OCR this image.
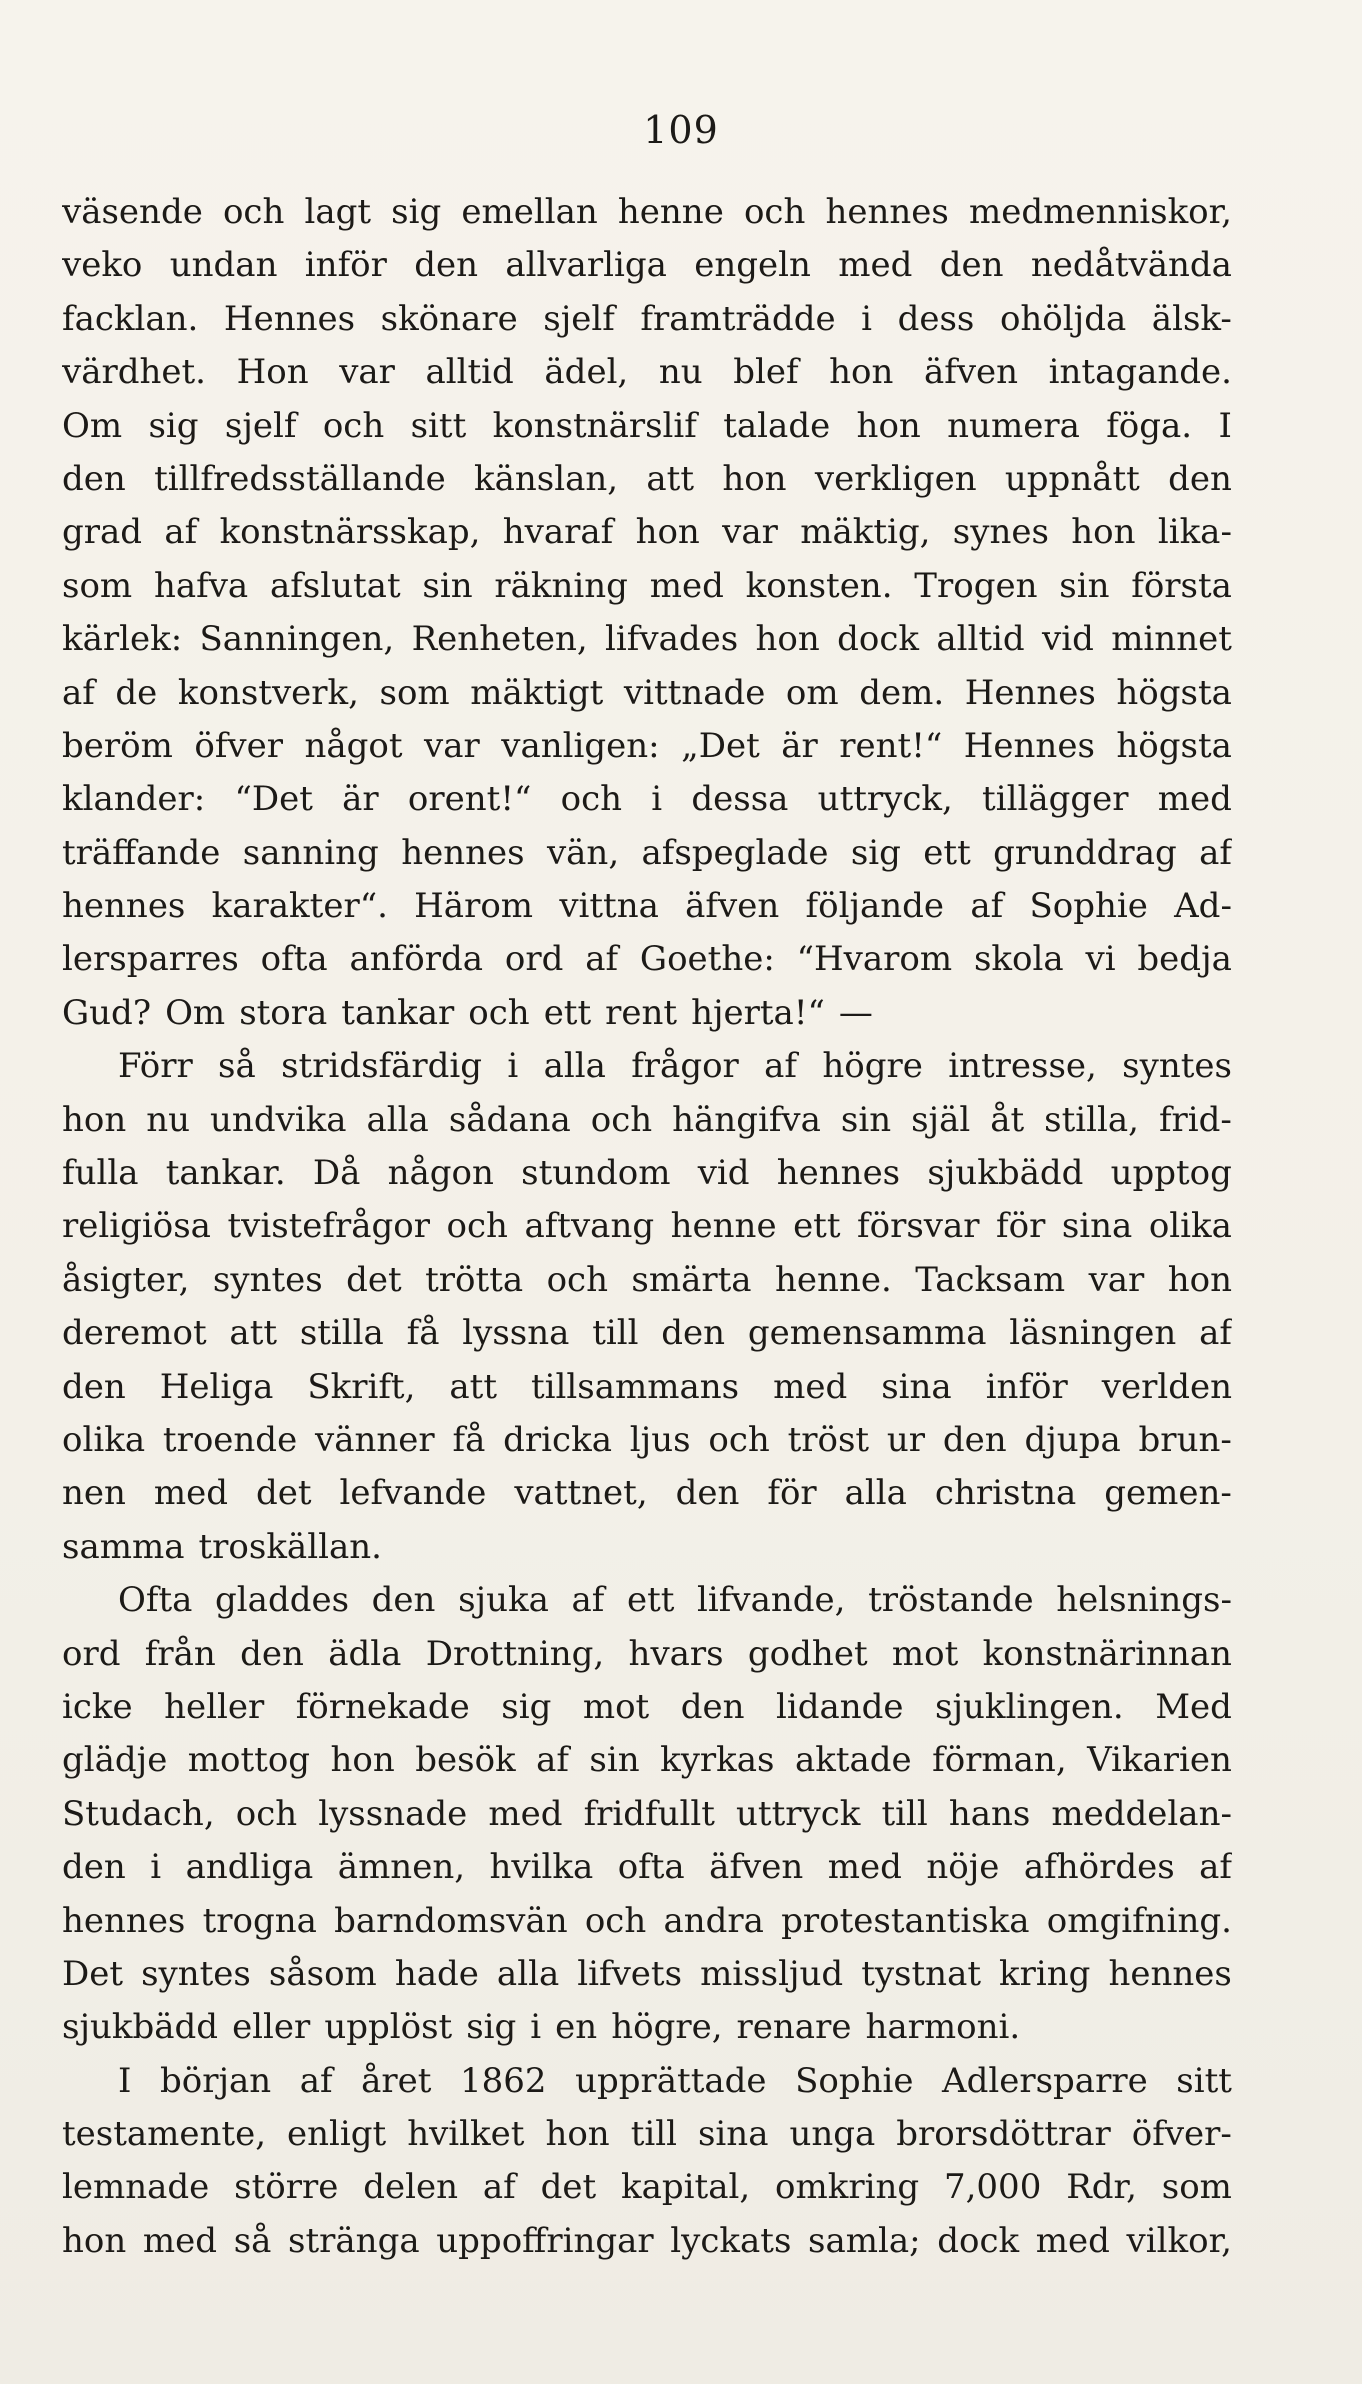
109
väsende och lagt sig emellan henne och hennes medmenniskor,
veko undan inför den allvarliga engeln med den nedåtvända
facklan. Hennes skönare sjelf framträdde i dess ohöljda älsk-
värdhet. Hon var alltid ädel, nu blef hon äfven intagande.
Om sig sjelf och sitt konstnärslif talade hon numera föga. I
den tillfredsställande känslan, att hon verkligen uppnått den
grad af konstnärsskap, hvaraf hon var mäktig, synes hon lika-
som hafva afslutat sin räkning med konsten. Trogen sin första
kärlek: Sanningen, Renheten, lifvades hon dock alltid vid minnet
af de konstverk, som mäktigt vittnade om dem. Hennes högsta
beröm öfver något var vanligen: „Det är rent!“ Hennes högsta
klander: “Det är orent!“ och i dessa uttryck, tillägger med
träffande sanning hennes vän, afspeglade sig ett grunddrag af
hennes karakter“. Härom vittna äfven följande af Sophie Ad-
lersparres ofta anförda ord af Goethe: “Hvarom skola vi bedja
Gud? Om stora tankar och ett rent hjerta!“ —
Förr så stridsfärdig i alla frågor af högre intresse, syntes
hon nu undvika alla sådana och hängifva sin själ åt stilla, frid-
fulla tankar. Då någon stundom vid hennes sjukbädd upptog
religiösa tvistefrågor och aftvang henne ett försvar för sina olika
åsigter, syntes det trötta och smärta henne. Tacksam var hon
deremot att stilla få lyssna till den gemensamma läsningen af
den Heliga Skrift, att tillsammans med sina inför verlden
olika troende vänner få dricka ljus och tröst ur den djupa brun-
nen med det lefvande vattnet, den för alla christna gemen-
samma troskällan.
Ofta gladdes den sjuka af ett lifvande, tröstande helsnings-
ord från den ädla Drottning, hvars godhet mot konstnärinnan
icke heller förnekade sig mot den lidande sjuklingen. Med
glädje mottog hon besök af sin kyrkas aktade förman, Vikarien
Studach, och lyssnade med fridfullt uttryck till hans meddelan-
den i andliga ämnen, hvilka ofta äfven med nöje afhördes af
hennes trogna barndomsvän och andra protestantiska omgifning.
Det syntes såsom hade alla lifvets missljud tystnat kring hennes
sjukbädd eller upplöst sig i en högre, renare harmoni.
I början af året 1862 upprättade Sophie Adlersparre sitt
testamente, enligt hvilket hon till sina unga brorsdöttrar öfver-
lemnade större delen af det kapital, omkring 7,000 Rdr, som
hon med så stränga uppoffringar lyckats samla; dock med vilkor,
